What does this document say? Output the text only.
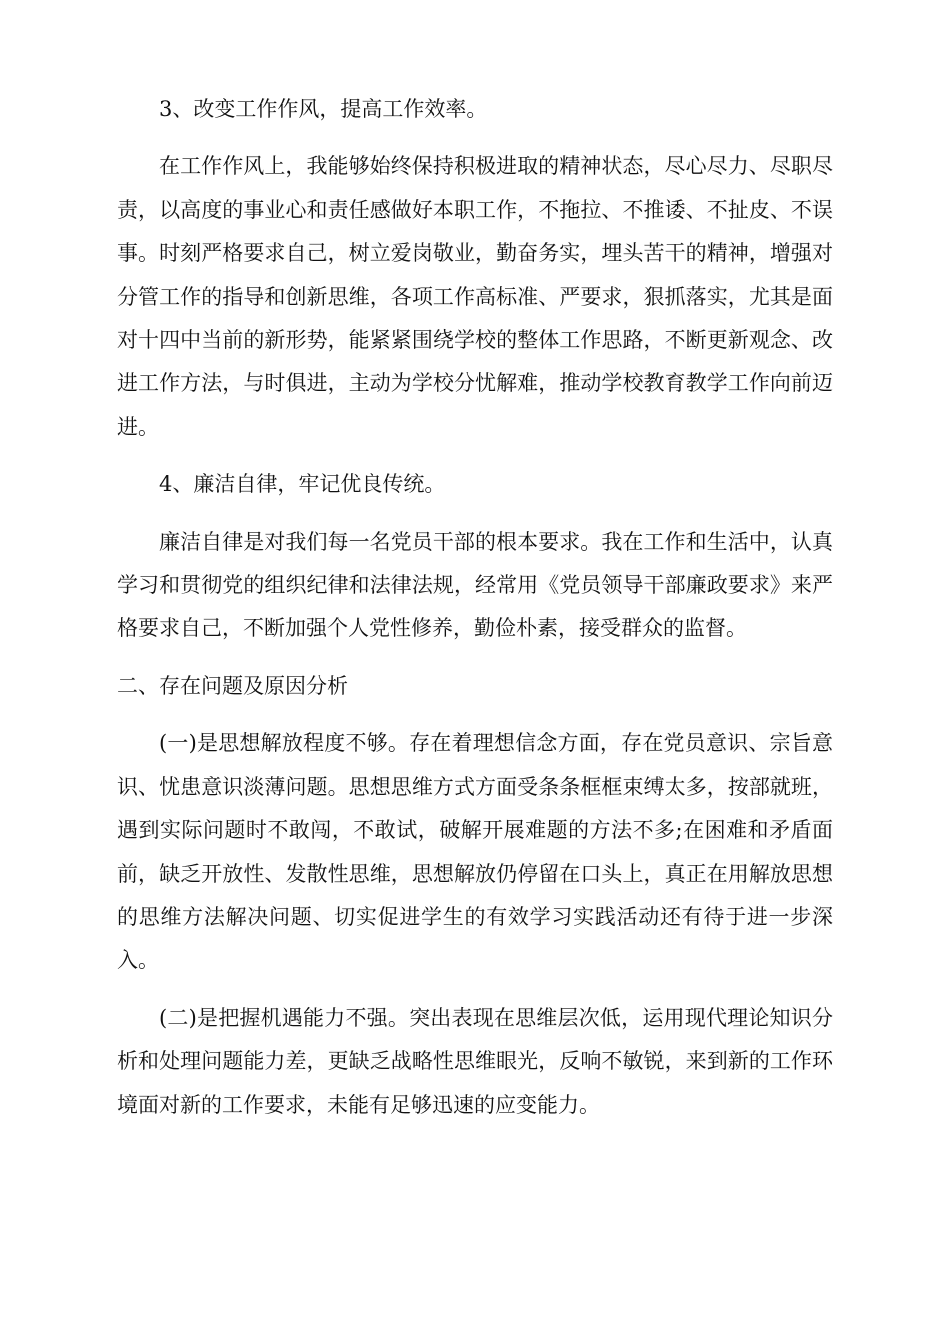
3、改变工作作风，提高工作效率。

在工作作风上，我能够始终保持积极进取的精神状态，尽心尽力、尽职尽责，以高度的事业心和责任感做好本职工作，不拖拉、不推诿、不扯皮、不误事。时刻严格要求自己，树立爱岗敬业，勤奋务实，埋头苦干的精神，增强对分管工作的指导和创新思维，各项工作高标准、严要求，狠抓落实，尤其是面对十四中当前的新形势，能紧紧围绕学校的整体工作思路，不断更新观念、改进工作方法，与时俱进，主动为学校分忧解难，推动学校教育教学工作向前迈进。

4、廉洁自律，牢记优良传统。

廉洁自律是对我们每一名党员干部的根本要求。我在工作和生活中，认真学习和贯彻党的组织纪律和法律法规，经常用《党员领导干部廉政要求》来严格要求自己，不断加强个人党性修养，勤俭朴素，接受群众的监督。

二、存在问题及原因分析

(一)是思想解放程度不够。存在着理想信念方面，存在党员意识、宗旨意识、忧患意识淡薄问题。思想思维方式方面受条条框框束缚太多，按部就班，遇到实际问题时不敢闯，不敢试，破解开展难题的方法不多;在困难和矛盾面前，缺乏开放性、发散性思维，思想解放仍停留在口头上，真正在用解放思想的思维方法解决问题、切实促进学生的有效学习实践活动还有待于进一步深入。

(二)是把握机遇能力不强。突出表现在思维层次低，运用现代理论知识分析和处理问题能力差，更缺乏战略性思维眼光，反响不敏锐，来到新的工作环境面对新的工作要求，未能有足够迅速的应变能力。
